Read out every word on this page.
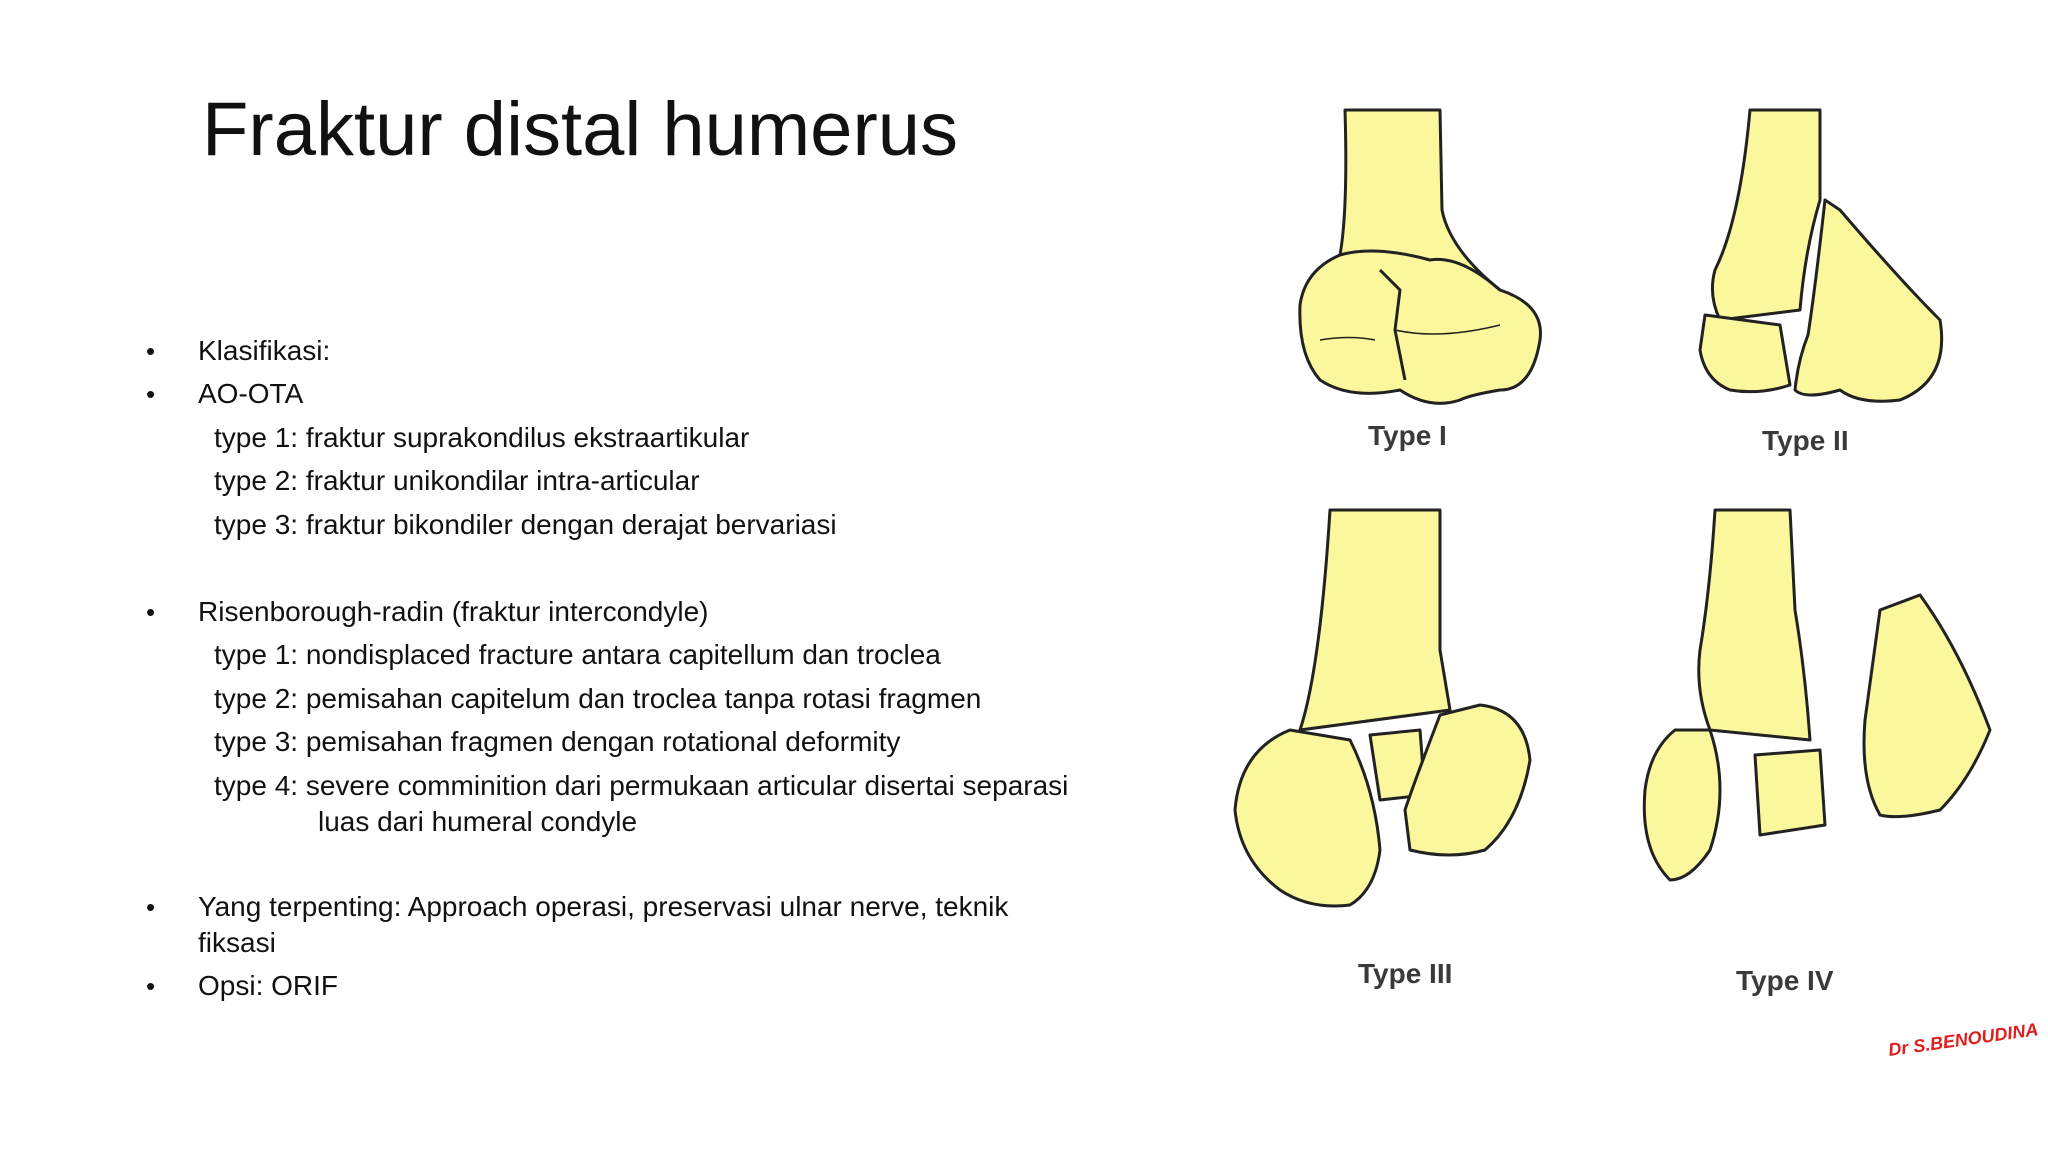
Fraktur distal humerus
• Klasifikasi:
• AO-OTA
type 1: fraktur suprakondilus ekstraartikular
type 2: fraktur unikondilar intra-articular
type 3: fraktur bikondiler dengan derajat bervariasi
• Risenborough-radin (fraktur intercondyle)
type 1: nondisplaced fracture antara capitellum dan troclea
type 2: pemisahan capitelum dan troclea tanpa rotasi fragmen
type 3: pemisahan fragmen dengan rotational deformity
type 4: severe comminition dari permukaan articular disertai separasi
luas dari humeral condyle
• Yang terpenting: Approach operasi, preservasi ulnar nerve, teknik
fiksasi
• Opsi: ORIF
Type I	Type II
Type III	Type IV
Dr S.BENOUDINA
